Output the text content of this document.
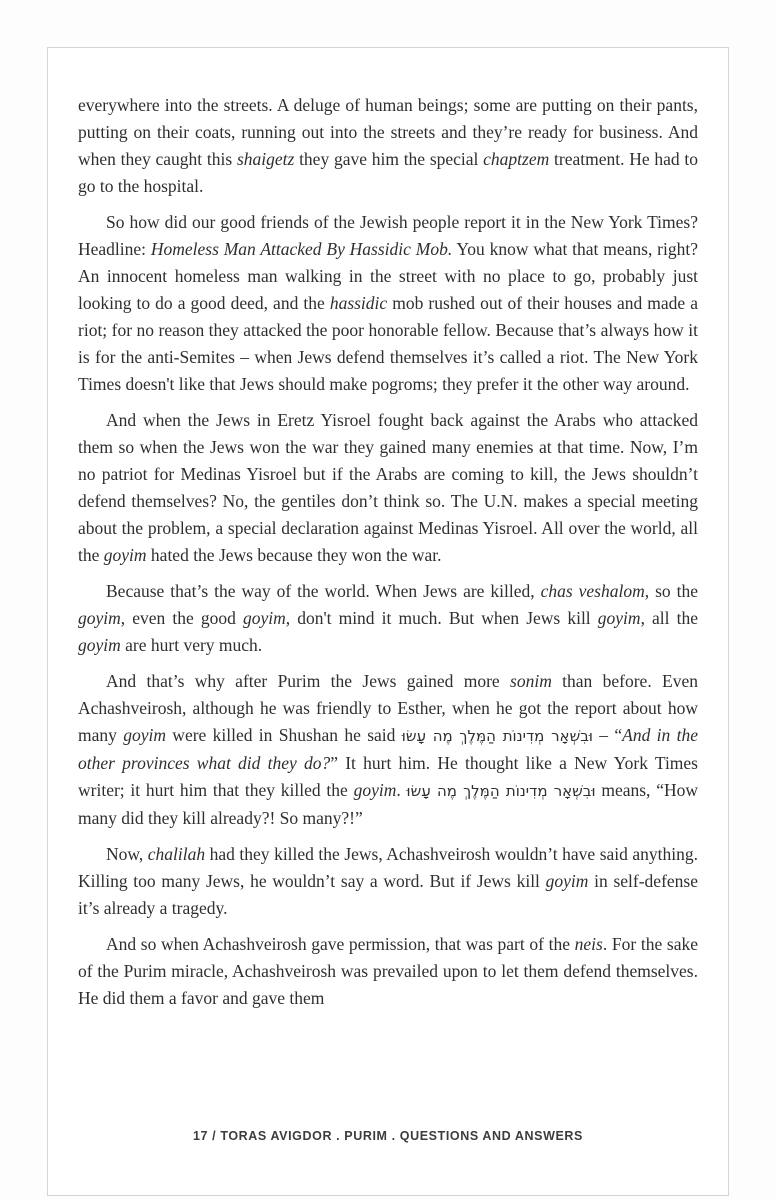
everywhere into the streets. A deluge of human beings; some are putting on their pants, putting on their coats, running out into the streets and they’re ready for business. And when they caught this shaigetz they gave him the special chaptzem treatment. He had to go to the hospital.

So how did our good friends of the Jewish people report it in the New York Times? Headline: Homeless Man Attacked By Hassidic Mob. You know what that means, right? An innocent homeless man walking in the street with no place to go, probably just looking to do a good deed, and the hassidic mob rushed out of their houses and made a riot; for no reason they attacked the poor honorable fellow. Because that’s always how it is for the anti-Semites – when Jews defend themselves it’s called a riot. The New York Times doesn't like that Jews should make pogroms; they prefer it the other way around.

And when the Jews in Eretz Yisroel fought back against the Arabs who attacked them so when the Jews won the war they gained many enemies at that time. Now, I’m no patriot for Medinas Yisroel but if the Arabs are coming to kill, the Jews shouldn’t defend themselves? No, the gentiles don’t think so. The U.N. makes a special meeting about the problem, a special declaration against Medinas Yisroel. All over the world, all the goyim hated the Jews because they won the war.

Because that’s the way of the world. When Jews are killed, chas veshalom, so the goyim, even the good goyim, don't mind it much. But when Jews kill goyim, all the goyim are hurt very much.

And that’s why after Purim the Jews gained more sonim than before. Even Achashveirosh, although he was friendly to Esther, when he got the report about how many goyim were killed in Shushan he said וּבִשְׁאָר מְדִינוֹת הַמֶּלֶךְ מֶה עָשׂוּ – “And in the other provinces what did they do?” It hurt him. He thought like a New York Times writer; it hurt him that they killed the goyim. וּבִשְׁאָר מְדִינוֹת הַמֶּלֶךְ מֶה עָשׂוּ means, “How many did they kill already?! So many?!”

Now, chalilah had they killed the Jews, Achashveirosh wouldn’t have said anything. Killing too many Jews, he wouldn’t say a word. But if Jews kill goyim in self-defense it’s already a tragedy.

And so when Achashveirosh gave permission, that was part of the neis. For the sake of the Purim miracle, Achashveirosh was prevailed upon to let them defend themselves. He did them a favor and gave them

17 / TORAS AVIGDOR . PURIM . QUESTIONS AND ANSWERS
